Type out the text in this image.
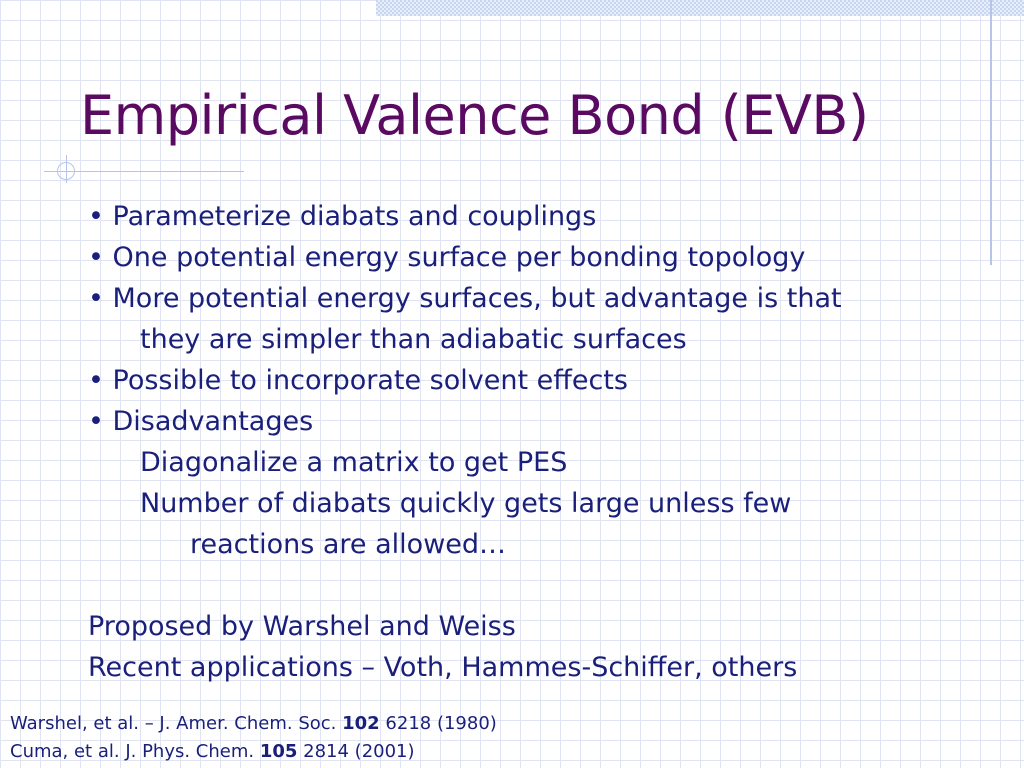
Empirical Valence Bond (EVB)
• Parameterize diabats and couplings
• One potential energy surface per bonding topology
• More potential energy surfaces, but advantage is that
they are simpler than adiabatic surfaces
• Possible to incorporate solvent effects
• Disadvantages
Diagonalize a matrix to get PES
Number of diabats quickly gets large unless few
reactions are allowed…
Proposed by Warshel and Weiss
Recent applications – Voth, Hammes-Schiffer, others
Warshel, et al. – J. Amer. Chem. Soc. 102 6218 (1980)
Cuma, et al. J. Phys. Chem. 105 2814 (2001)
